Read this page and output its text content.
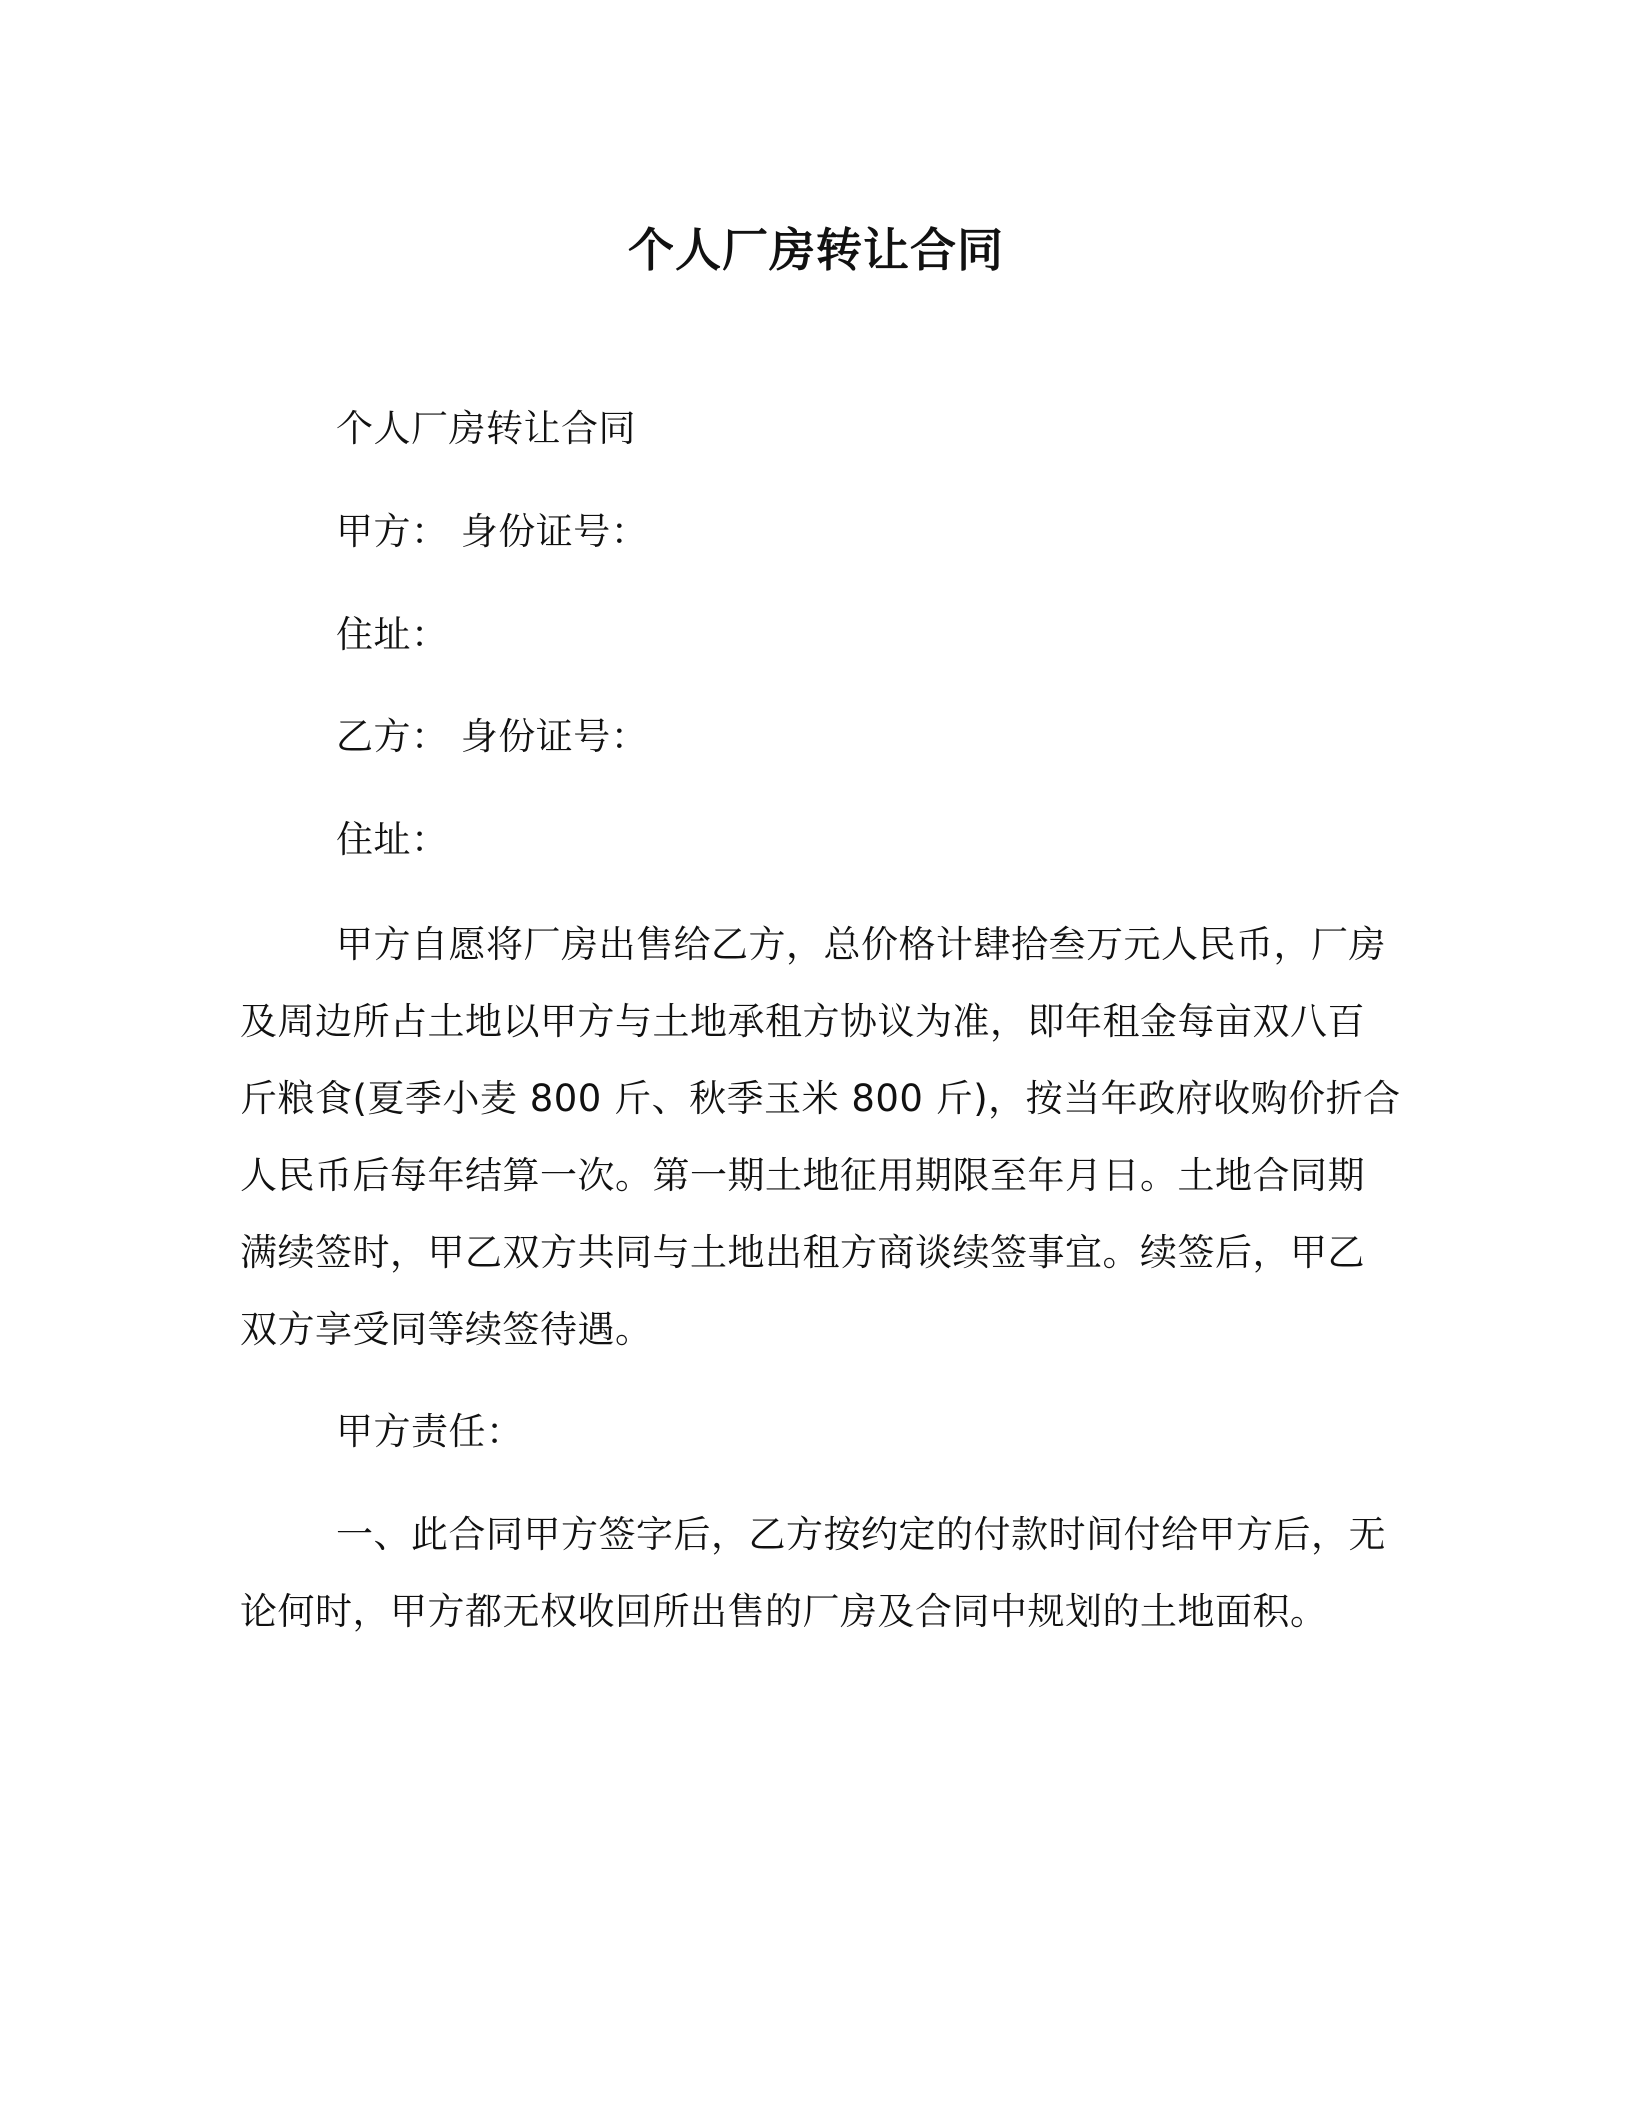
个人厂房转让合同
个人厂房转让合同
甲方： 身份证号：
住址：
乙方： 身份证号：
住址：
甲方自愿将厂房出售给乙方，总价格计肆拾叁万元人民币，厂房
及周边所占土地以甲方与土地承租方协议为准，即年租金每亩双八百
斤粮食(夏季小麦 800 斤、秋季玉米 800 斤)，按当年政府收购价折合
人民币后每年结算一次。第一期土地征用期限至年月日。土地合同期
满续签时，甲乙双方共同与土地出租方商谈续签事宜。续签后，甲乙
双方享受同等续签待遇。
甲方责任：
一、此合同甲方签字后，乙方按约定的付款时间付给甲方后，无
论何时，甲方都无权收回所出售的厂房及合同中规划的土地面积。
